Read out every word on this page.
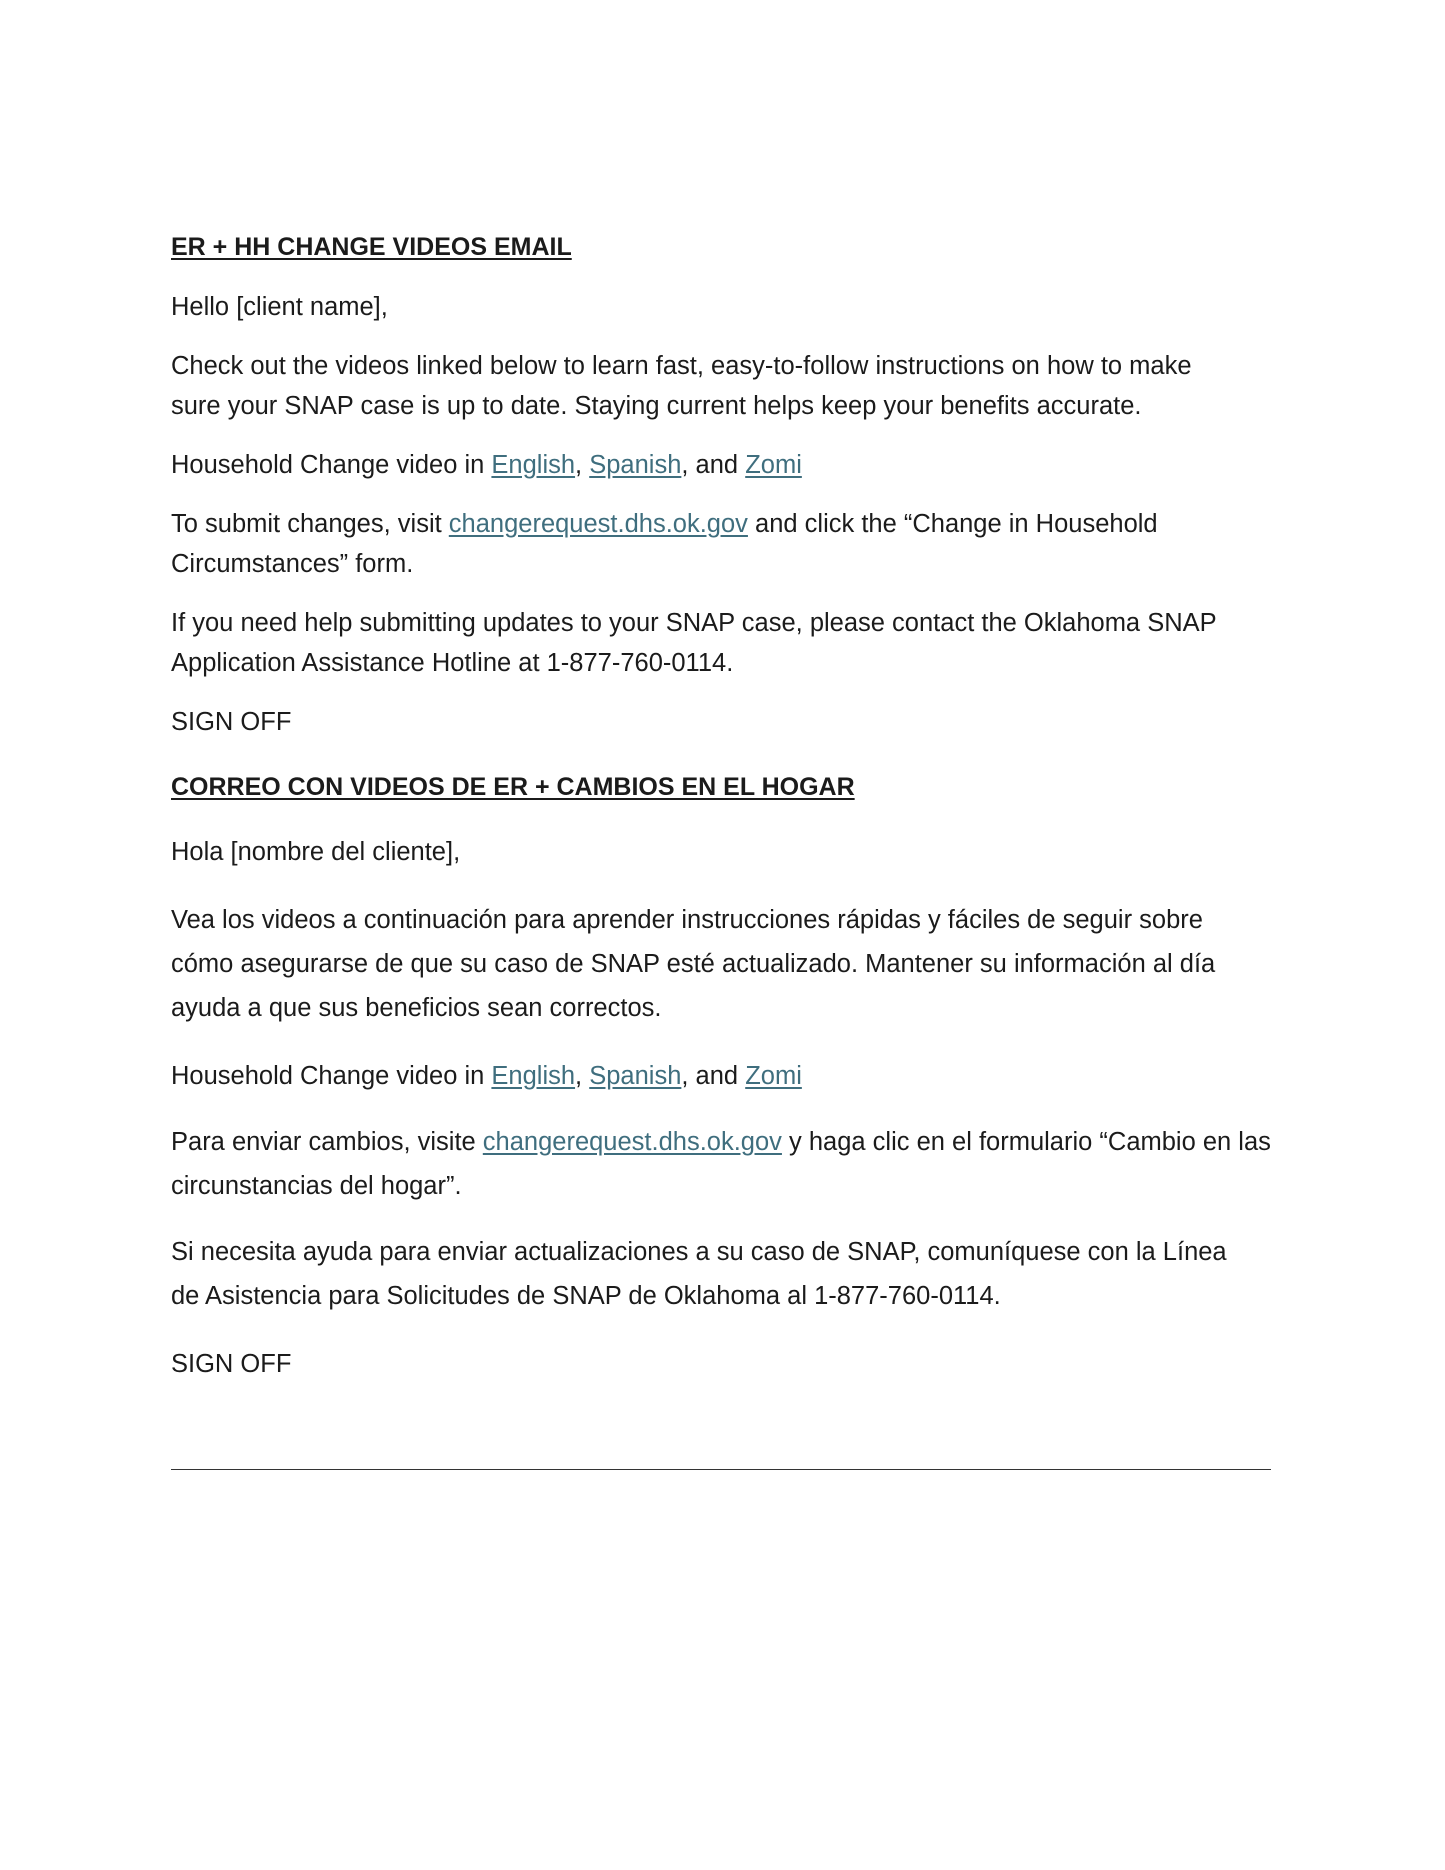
ER + HH CHANGE VIDEOS EMAIL

Hello [client name],

Check out the videos linked below to learn fast, easy-to-follow instructions on how to make sure your SNAP case is up to date. Staying current helps keep your benefits accurate.

Household Change video in English, Spanish, and Zomi

To submit changes, visit changerequest.dhs.ok.gov and click the “Change in Household Circumstances” form.

If you need help submitting updates to your SNAP case, please contact the Oklahoma SNAP Application Assistance Hotline at 1-877-760-0114.

SIGN OFF

CORREO CON VIDEOS DE ER + CAMBIOS EN EL HOGAR

Hola [nombre del cliente],

Vea los videos a continuación para aprender instrucciones rápidas y fáciles de seguir sobre cómo asegurarse de que su caso de SNAP esté actualizado. Mantener su información al día ayuda a que sus beneficios sean correctos.

Household Change video in English, Spanish, and Zomi

Para enviar cambios, visite changerequest.dhs.ok.gov y haga clic en el formulario “Cambio en las circunstancias del hogar”.

Si necesita ayuda para enviar actualizaciones a su caso de SNAP, comuníquese con la Línea de Asistencia para Solicitudes de SNAP de Oklahoma al 1-877-760-0114.

SIGN OFF
